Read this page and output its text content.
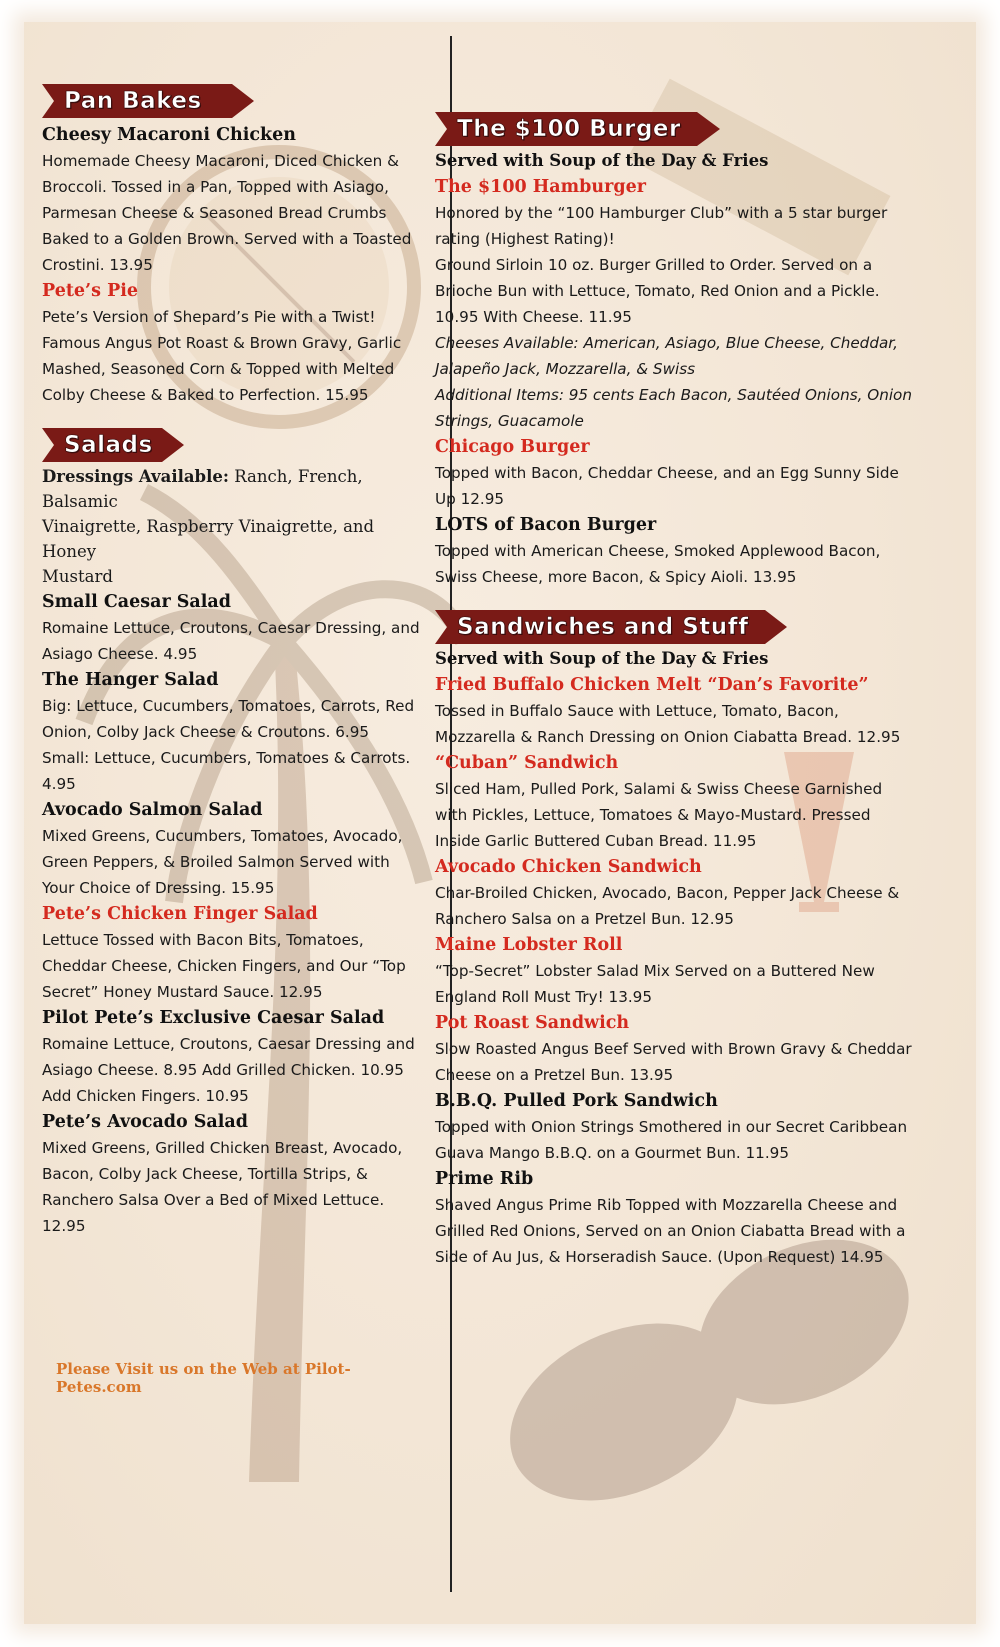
Pan Bakes
Cheesy Macaroni Chicken
Homemade Cheesy Macaroni, Diced Chicken &
Broccoli. Tossed in a Pan, Topped with Asiago,
Parmesan Cheese & Seasoned Bread Crumbs
Baked to a Golden Brown. Served with a Toasted
Crostini. 13.95
Pete’s Pie
Pete’s Version of Shepard’s Pie with a Twist!
Famous Angus Pot Roast & Brown Gravy, Garlic
Mashed, Seasoned Corn & Topped with Melted
Colby Cheese & Baked to Perfection. 15.95
Salads
Dressings Available: Ranch, French, Balsamic
Vinaigrette, Raspberry Vinaigrette, and Honey
Mustard
Small Caesar Salad
Romaine Lettuce, Croutons, Caesar Dressing, and
Asiago Cheese. 4.95
The Hanger Salad
Big: Lettuce, Cucumbers, Tomatoes, Carrots, Red
Onion, Colby Jack Cheese & Croutons. 6.95
Small: Lettuce, Cucumbers, Tomatoes & Carrots.
4.95
Avocado Salmon Salad
Mixed Greens, Cucumbers, Tomatoes, Avocado,
Green Peppers, & Broiled Salmon Served with
Your Choice of Dressing. 15.95
Pete’s Chicken Finger Salad
Lettuce Tossed with Bacon Bits, Tomatoes,
Cheddar Cheese, Chicken Fingers, and Our “Top
Secret” Honey Mustard Sauce. 12.95
Pilot Pete’s Exclusive Caesar Salad
Romaine Lettuce, Croutons, Caesar Dressing and
Asiago Cheese. 8.95 Add Grilled Chicken. 10.95
Add Chicken Fingers. 10.95
Pete’s Avocado Salad
Mixed Greens, Grilled Chicken Breast, Avocado,
Bacon, Colby Jack Cheese, Tortilla Strips, &
Ranchero Salsa Over a Bed of Mixed Lettuce.
12.95
Please Visit us on the Web at Pilot-Petes.com
The $100 Burger
Served with Soup of the Day & Fries
The $100 Hamburger
Honored by the “100 Hamburger Club” with a 5 star burger
rating (Highest Rating)!
Ground Sirloin 10 oz. Burger Grilled to Order. Served on a
Brioche Bun with Lettuce, Tomato, Red Onion and a Pickle.
10.95 With Cheese. 11.95
Cheeses Available: American, Asiago, Blue Cheese, Cheddar,
Jalapeño Jack, Mozzarella, & Swiss
Additional Items: 95 cents Each Bacon, Sautéed Onions, Onion
Strings, Guacamole
Chicago Burger
Topped with Bacon, Cheddar Cheese, and an Egg Sunny Side
Up 12.95
LOTS of Bacon Burger
Topped with American Cheese, Smoked Applewood Bacon,
Swiss Cheese, more Bacon, & Spicy Aioli. 13.95
Sandwiches and Stuff
Served with Soup of the Day & Fries
Fried Buffalo Chicken Melt “Dan’s Favorite”
Tossed in Buffalo Sauce with Lettuce, Tomato, Bacon,
Mozzarella & Ranch Dressing on Onion Ciabatta Bread. 12.95
“Cuban” Sandwich
Sliced Ham, Pulled Pork, Salami & Swiss Cheese Garnished
with Pickles, Lettuce, Tomatoes & Mayo-Mustard. Pressed
Inside Garlic Buttered Cuban Bread. 11.95
Avocado Chicken Sandwich
Char-Broiled Chicken, Avocado, Bacon, Pepper Jack Cheese &
Ranchero Salsa on a Pretzel Bun. 12.95
Maine Lobster Roll
“Top-Secret” Lobster Salad Mix Served on a Buttered New
England Roll Must Try! 13.95
Pot Roast Sandwich
Slow Roasted Angus Beef Served with Brown Gravy & Cheddar
Cheese on a Pretzel Bun. 13.95
B.B.Q. Pulled Pork Sandwich
Topped with Onion Strings Smothered in our Secret Caribbean
Guava Mango B.B.Q. on a Gourmet Bun. 11.95
Prime Rib
Shaved Angus Prime Rib Topped with Mozzarella Cheese and
Grilled Red Onions, Served on an Onion Ciabatta Bread with a
Side of Au Jus, & Horseradish Sauce. (Upon Request) 14.95
